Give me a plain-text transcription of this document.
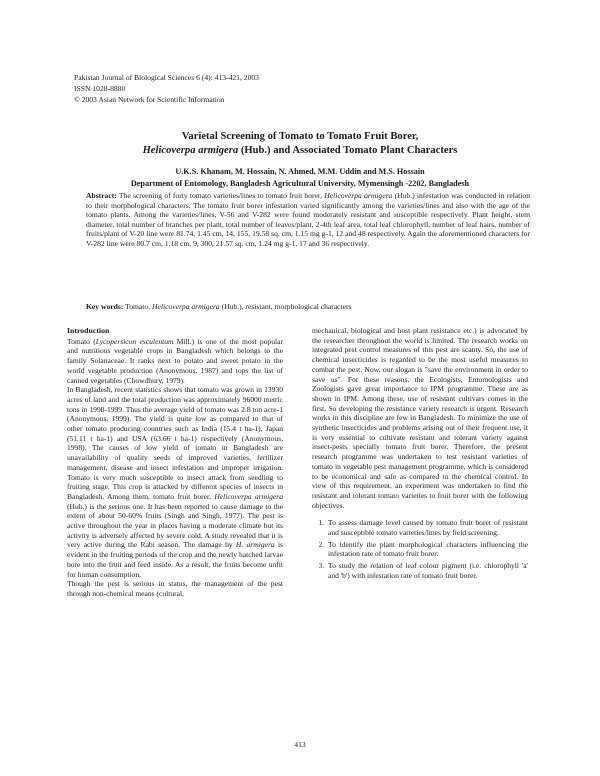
Pakistan Journal of Biological Sciences 6 (4): 413-421, 2003
ISSN 1028-8880
© 2003 Asian Network for Scientific Information
Varietal Screening of Tomato to Tomato Fruit Borer,
Helicoverpa armigera (Hub.) and Associated Tomato Plant Characters
U.K.S. Khanam, M. Hossain, N. Ahmed, M.M. Uddin and M.S. Hossain
Department of Entomology, Bangladesh Agricultural University, Mymensingh -2202, Bangladesh
Abstract: The screening of forty tomato varieties/lines to tomato fruit borer, Helicoverpa armigera (Hub.) infestation was conducted in relation to their morphological characters. The tomato fruit borer infestation varied significantly among the varieties/lines and also with the age of the tomato plants. Among the varieties/lines, V-56 and V-282 were found moderately resistant and susceptible respectively. Plant height, stem diameter, total number of branches per plant, total number of leaves/plant, 2-4th leaf area, total leaf chlorophyll, number of leaf hairs, number of fruits/plant of V-20 line were 81.74, 1.45 cm, 14, 155, 19.58 sq. cm, 1.15 mg g-1, 12 and 48 respectively. Again the aforementioned characters for V-282 line were 80.7 cm, 1.18 cm, 9, 300, 21.57 sq. cm, 1.24 mg g-1, 17 and 36 respectively.
Key words: Tomato, Helicoverpa armigera (Hub.), resistant, morphological characters
Introduction

Tomato (Lycopersicon esculentum Mill.) is one of the most popular and nutritious vegetable crops in Bangladesh which belongs to the family Solanaceae. It ranks next to potato and sweet potato in the world vegetable production (Anonymous, 1987) and tops the list of canned vegetables (Chowdhury, 1979).

In Bangladesh, recent statistics shows that tomato was grown in 13930 acres of land and the total production was approximately 96000 metric tons in 1998-1999. Thus the average yield of tomato was 2.8 ton acre-1 (Anonymous, 1999). The yield is quite low as compared to that of other tomato producing countries such as India (15.4 t ha-1), Japan (51.11 t ha-1) and USA (63.66 t ha-1) respectively (Anonymous, 1998). The causes of low yield of tomato in Bangladesh are unavailability of quality seeds of improved varieties, fertilizer management, disease and insect infestation and improper irrigation. Tomato is very much susceptible to insect attack from seedling to fruiting stage. This crop is attacked by different species of insects in Bangladesh. Among them, tomato fruit borer, Helicoverpa armigera (Hub.) is the serious one. It has been reported to cause damage to the extent of about 50-60% fruits (Singh and Singh, 1977). The pest is active throughout the year in places having a moderate climate but its activity is adversely affected by severe cold. A study revealed that it is very active during the Rabi season. The damage by H. armigera is evident in the fruiting periods of the crop and the newly hatched larvae bore into the fruit and feed inside. As a result, the fruits become unfit for human consumption.

Though the pest is serious in status, the management of the pest through non-chemical means (cultural,

mechanical, biological and host plant resistance etc.) is advocated by the researcher throughout the world is limited. The research works on integrated pest control measures of this pest are scanty. So, the use of chemical insecticides is regarded to be the most useful measures to combat the pest. Now, our slogan is "save the environment in order to save us". For these reasons, the Ecologists, Entomologists and Zoologists gave great importance to IPM programme. These are as shown in IPM. Among these, use of resistant cultivars comes in the first. So developing the resistance variety research is urgent. Research works in this discipline are few in Bangladesh. To minimize the use of synthetic insecticides and problems arising out of their frequent use, it is very essential to cultivate resistant and tolerant variety against insect-pests specially tomato fruit borer. Therefore, the present research programme was undertaken to test resistant varieties of tomato in vegetable pest management programme, which is considered to be economical and safe as compared to the chemical control. In view of this requirement, an experiment was undertaken to find the resistant and tolerant tomato varieties to fruit borer with the following objectives.

1. To assess damage level caused by tomato fruit borer of resistant and susceptible tomato varieties/lines by field screening.
2. To identify the plant morphological characters influencing the infestation rate of tomato fruit borer.
3. To study the relation of leaf colour pigment (i.e. chlorophyll 'a' and 'b') with infestation rate of tomato fruit borer.
413
